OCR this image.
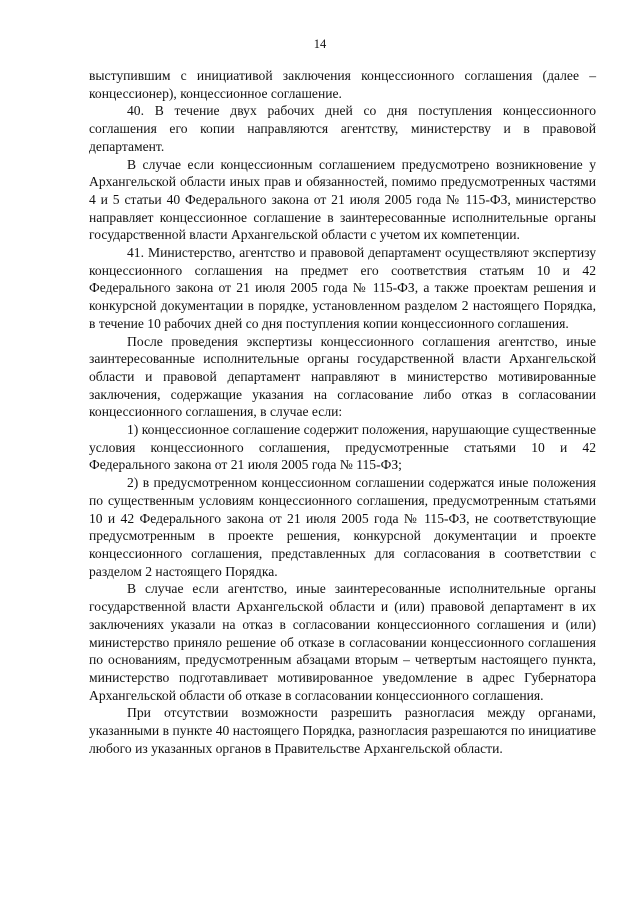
14

выступившим с инициативой заключения концессионного соглашения (далее – концессионер), концессионное соглашение.

40. В течение двух рабочих дней со дня поступления концессионного соглашения его копии направляются агентству, министерству и в правовой департамент.

В случае если концессионным соглашением предусмотрено возникновение у Архангельской области иных прав и обязанностей, помимо предусмотренных частями 4 и 5 статьи 40 Федерального закона от 21 июля 2005 года № 115-ФЗ, министерство направляет концессионное соглашение в заинтересованные исполнительные органы государственной власти Архангельской области с учетом их компетенции.

41. Министерство, агентство и правовой департамент осуществляют экспертизу концессионного соглашения на предмет его соответствия статьям 10 и 42 Федерального закона от 21 июля 2005 года № 115-ФЗ, а также проектам решения и конкурсной документации в порядке, установленном разделом 2 настоящего Порядка, в течение 10 рабочих дней со дня поступления копии концессионного соглашения.

После проведения экспертизы концессионного соглашения агентство, иные заинтересованные исполнительные органы государственной власти Архангельской области и правовой департамент направляют в министерство мотивированные заключения, содержащие указания на согласование либо отказ в согласовании концессионного соглашения, в случае если:

1) концессионное соглашение содержит положения, нарушающие существенные условия концессионного соглашения, предусмотренные статьями 10 и 42 Федерального закона от 21 июля 2005 года № 115-ФЗ;

2) в предусмотренном концессионном соглашении содержатся иные положения по существенным условиям концессионного соглашения, предусмотренным статьями 10 и 42 Федерального закона от 21 июля 2005 года № 115-ФЗ, не соответствующие предусмотренным в проекте решения, конкурсной документации и проекте концессионного соглашения, представленных для согласования в соответствии с разделом 2 настоящего Порядка.

В случае если агентство, иные заинтересованные исполнительные органы государственной власти Архангельской области и (или) правовой департамент в их заключениях указали на отказ в согласовании концессионного соглашения и (или) министерство приняло решение об отказе в согласовании концессионного соглашения по основаниям, предусмотренным абзацами вторым – четвертым настоящего пункта, министерство подготавливает мотивированное уведомление в адрес Губернатора Архангельской области об отказе в согласовании концессионного соглашения.

При отсутствии возможности разрешить разногласия между органами, указанными в пункте 40 настоящего Порядка, разногласия разрешаются по инициативе любого из указанных органов в Правительстве Архангельской области.
